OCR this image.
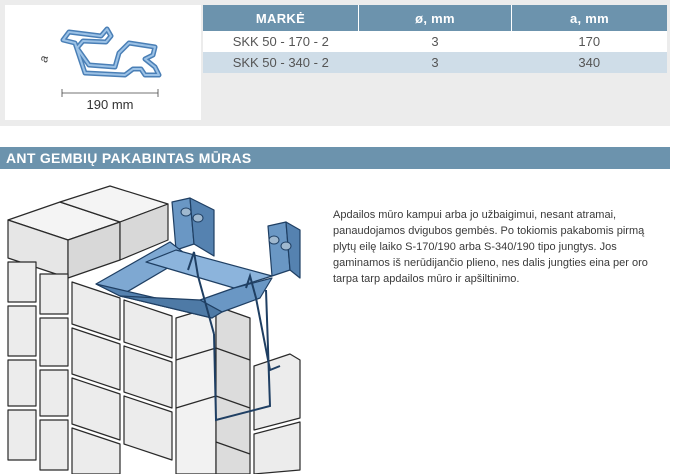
a
190 mm
MARKĖ	ø, mm	a, mm
SKK 50 - 170 - 2	3	170
SKK 50 - 340 - 2	3	340
ANT GEMBIŲ PAKABINTAS MŪRAS
Apdailos mūro kampui arba jo užbaigimui, nesant atramai, panaudojamos dvigubos gembės. Po tokiomis pakabomis pirmą plytų eilę laiko S-170/190 arba S-340/190 tipo jungtys. Jos gaminamos iš nerūdijančio plieno, nes dalis jungties eina per oro tarpa tarp apdailos mūro ir apšiltinimo.
